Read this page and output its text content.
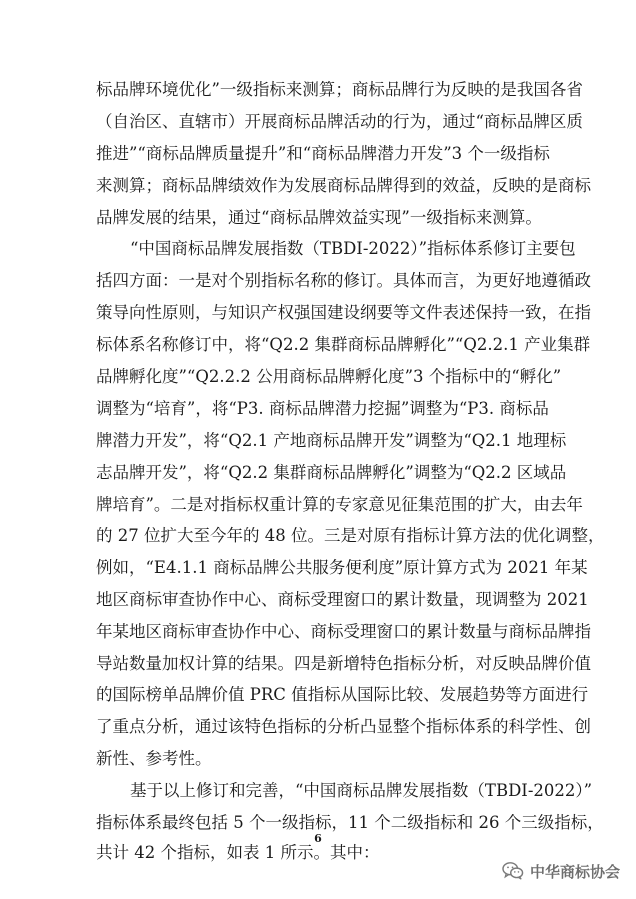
标品牌环境优化”一级指标来测算；商标品牌行为反映的是我国各省
（自治区、直辖市）开展商标品牌活动的行为，通过“商标品牌区质
推进”“商标品牌质量提升”和“商标品牌潜力开发”3 个一级指标
来测算；商标品牌绩效作为发展商标品牌得到的效益，反映的是商标
品牌发展的结果，通过“商标品牌效益实现”一级指标来测算。
“中国商标品牌发展指数（TBDI-2022）”指标体系修订主要包
括四方面：一是对个别指标名称的修订。具体而言，为更好地遵循政
策导向性原则，与知识产权强国建设纲要等文件表述保持一致，在指
标体系名称修订中，将“Q2.2 集群商标品牌孵化”“Q2.2.1 产业集群
品牌孵化度”“Q2.2.2 公用商标品牌孵化度”3 个指标中的“孵化”
调整为“培育”，将“P3. 商标品牌潜力挖掘”调整为“P3. 商标品
牌潜力开发”，将“Q2.1 产地商标品牌开发”调整为“Q2.1 地理标
志品牌开发”，将“Q2.2 集群商标品牌孵化”调整为“Q2.2 区域品
牌培育”。二是对指标权重计算的专家意见征集范围的扩大，由去年
的 27 位扩大至今年的 48 位。三是对原有指标计算方法的优化调整，
例如，“E4.1.1 商标品牌公共服务便利度”原计算方式为 2021 年某
地区商标审查协作中心、商标受理窗口的累计数量，现调整为 2021
年某地区商标审查协作中心、商标受理窗口的累计数量与商标品牌指
导站数量加权计算的结果。四是新增特色指标分析，对反映品牌价值
的国际榜单品牌价值 PRC 值指标从国际比较、发展趋势等方面进行
了重点分析，通过该特色指标的分析凸显整个指标体系的科学性、创
新性、参考性。
基于以上修订和完善，“中国商标品牌发展指数（TBDI-2022）”
指标体系最终包括 5 个一级指标，11 个二级指标和 26 个三级指标，
共计 42 个指标，如表 1 所示。其中：
6
中华商标协会
